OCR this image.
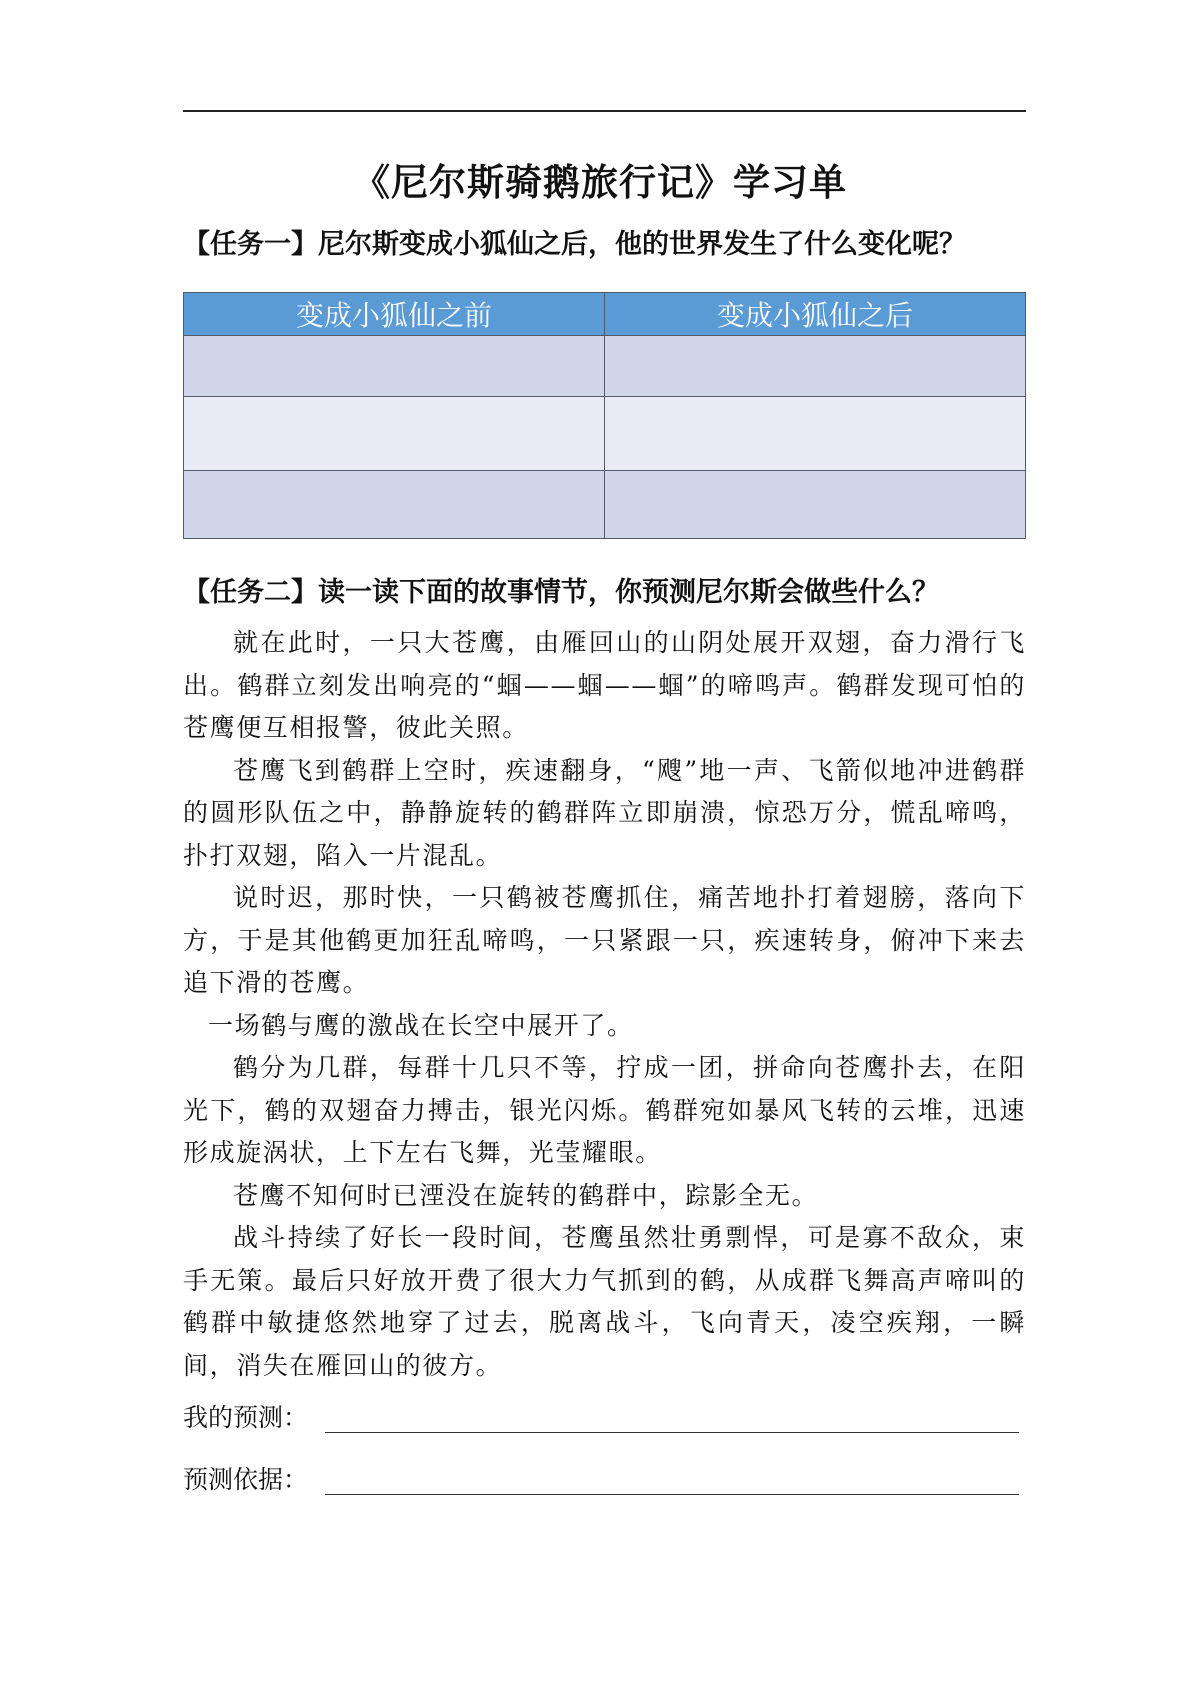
《尼尔斯骑鹅旅行记》学习单
【任务一】尼尔斯变成小狐仙之后，他的世界发生了什么变化呢？
变成小狐仙之前	变成小狐仙之后

【任务二】读一读下面的故事情节，你预测尼尔斯会做些什么？

就在此时，一只大苍鹰，由雁回山的山阴处展开双翅，奋力滑行飞出。鹤群立刻发出响亮的“蝈——蝈——蝈”的啼鸣声。鹤群发现可怕的苍鹰便互相报警，彼此关照。

苍鹰飞到鹤群上空时，疾速翻身，“飕”地一声、飞箭似地冲进鹤群的圆形队伍之中，静静旋转的鹤群阵立即崩溃，惊恐万分，慌乱啼鸣，扑打双翅，陷入一片混乱。

说时迟，那时快，一只鹤被苍鹰抓住，痛苦地扑打着翅膀，落向下方，于是其他鹤更加狂乱啼鸣，一只紧跟一只，疾速转身，俯冲下来去追下滑的苍鹰。

一场鹤与鹰的激战在长空中展开了。

鹤分为几群，每群十几只不等，拧成一团，拼命向苍鹰扑去，在阳光下，鹤的双翅奋力搏击，银光闪烁。鹤群宛如暴风飞转的云堆，迅速形成旋涡状，上下左右飞舞，光莹耀眼。

苍鹰不知何时已湮没在旋转的鹤群中，踪影全无。

战斗持续了好长一段时间，苍鹰虽然壮勇剽悍，可是寡不敌众，束手无策。最后只好放开费了很大力气抓到的鹤，从成群飞舞高声啼叫的鹤群中敏捷悠然地穿了过去，脱离战斗，飞向青天，凌空疾翔，一瞬间，消失在雁回山的彼方。

我的预测：
预测依据：
